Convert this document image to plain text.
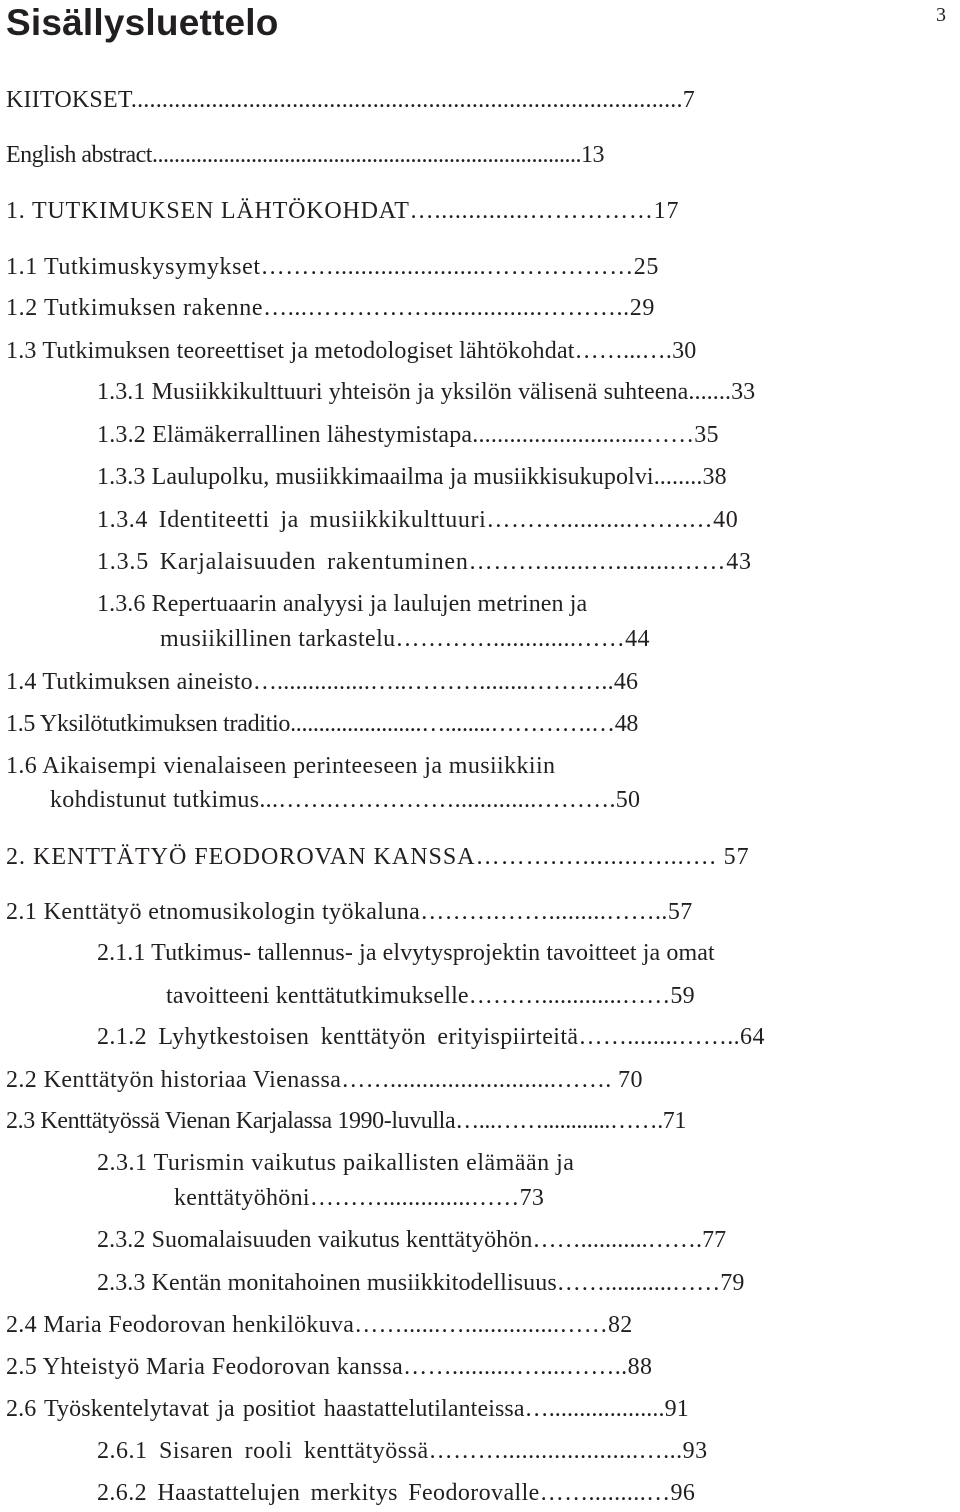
3
Sisällysluettelo
KIITOKSET.........................................................................................7
English abstract..............................................................................13
1. TUTKIMUKSEN LÄHTÖKOHDAT…..............……………17
1.1 Tutkimuskysymykset……….......................………………25
1.2 Tutkimuksen rakenne…...…………….................………..29
1.3 Tutkimuksen teoreettiset ja metodologiset lähtökohdat……...….30
1.3.1 Musiikkikulttuuri yhteisön ja yksilön välisenä suhteena.......33
1.3.2 Elämäkerrallinen lähestymistapa............................……35
1.3.3 Laulupolku, musiikkimaailma ja musiikkisukupolvi........38
1.3.4 Identiteetti ja musiikkikulttuuri………...........…….…40
1.3.5 Karjalaisuuden rakentuminen……….......….........……43
1.3.6 Repertuaarin analyysi ja laulujen metrinen ja
musiikillinen tarkastelu………….............……44
1.4 Tutkimuksen aineisto…...............…..………........………..46
1.5 Yksilötutkimuksen traditio.......................…........………….…48
1.6 Aikaisempi vienalaiseen perinteeseen ja musiikkiin
kohdistunut tutkimus...…….…………….............……….50
2. KENTTÄTYÖ FEODOROVAN KANSSA……….…........…...…. 57
2.1 Kenttätyö etnomusikologin työkaluna……….…….........……..57
2.1.1 Tutkimus- tallennus- ja elvytysprojektin tavoitteet ja omat
tavoitteeni kenttätutkimukselle……….............……59
2.1.2 Lyhytkestoisen kenttätyön erityispiirteitä……........……..64
2.2 Kenttätyön historiaa Vienassa……..........................……. 70
2.3 Kenttätyössä Vienan Karjalassa 1990-luvulla…...……............…….71
2.3.1 Turismin vaikutus paikallisten elämään ja
kenttätyöhöni………..............……73
2.3.2 Suomalaisuuden vaikutus kenttätyöhön……...........…….77
2.3.3 Kentän monitahoinen musiikkitodellisuus……...........……79
2.4 Maria Feodorovan henkilökuva……......…...............……82
2.5 Yhteistyö Maria Feodorovan kanssa……..........…....……..88
2.6 Työskentelytavat ja positiot haastattelutilanteissa…...................91
2.6.1 Sisaren rooli kenttätyössä……….....................…...93
2.6.2 Haastattelujen merkitys Feodorovalle…….........…96
